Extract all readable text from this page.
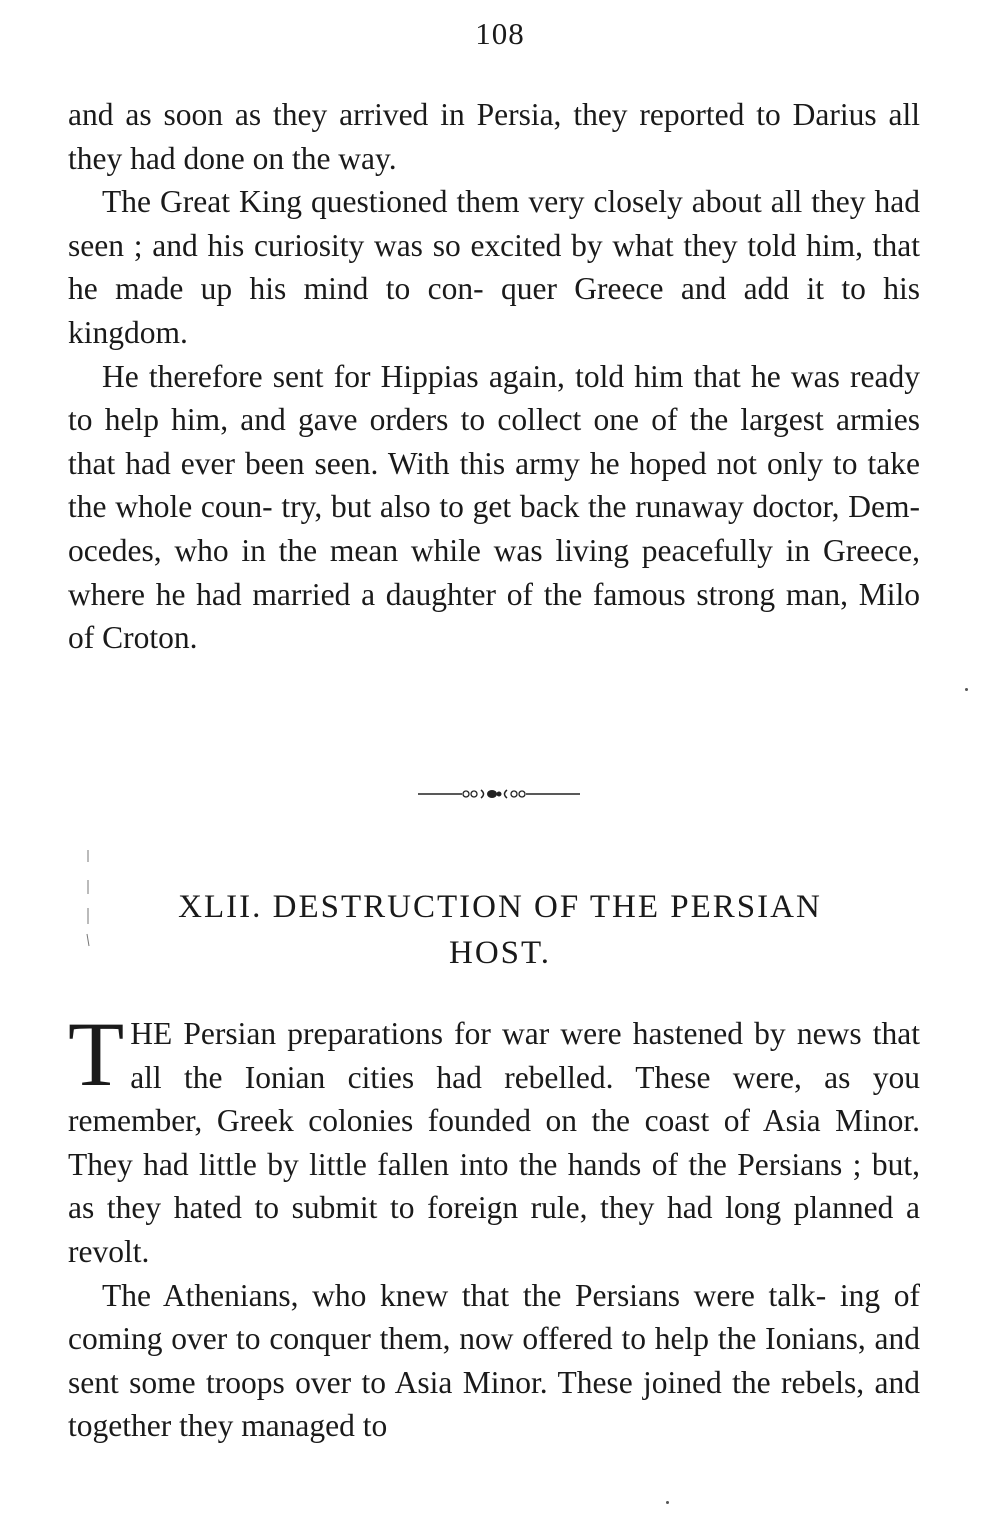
108

and as soon as they arrived in Persia, they reported to Darius all they had done on the way.

The Great King questioned them very closely about all they had seen ; and his curiosity was so excited by what they told him, that he made up his mind to con- quer Greece and add it to his kingdom.

He therefore sent for Hippias again, told him that he was ready to help him, and gave orders to collect one of the largest armies that had ever been seen. With this army he hoped not only to take the whole coun- try, but also to get back the runaway doctor, Dem- ocedes, who in the mean while was living peacefully in Greece, where he had married a daughter of the famous strong man, Milo of Croton.

XLII. DESTRUCTION OF THE PERSIAN
HOST.

THE Persian preparations for war were hastened by news that all the Ionian cities had rebelled. These were, as you remember, Greek colonies founded on the coast of Asia Minor. They had little by little fallen into the hands of the Persians ; but, as they hated to submit to foreign rule, they had long planned a revolt.

The Athenians, who knew that the Persians were talk- ing of coming over to conquer them, now offered to help the Ionians, and sent some troops over to Asia Minor. These joined the rebels, and together they managed to
